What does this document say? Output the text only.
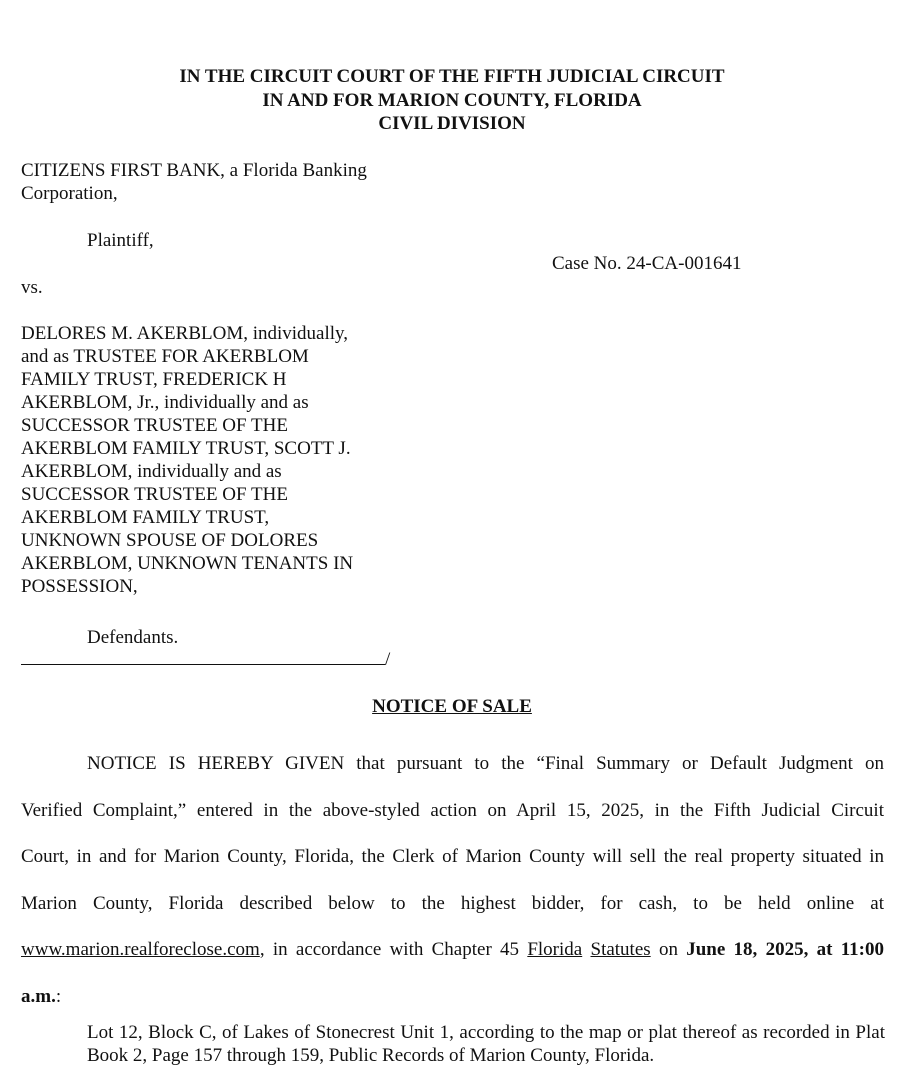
IN THE CIRCUIT COURT OF THE FIFTH JUDICIAL CIRCUIT
IN AND FOR MARION COUNTY, FLORIDA
CIVIL DIVISION
CITIZENS FIRST BANK, a Florida Banking
Corporation,
Plaintiff,
Case No. 24-CA-001641
vs.
DELORES M. AKERBLOM, individually,
and as TRUSTEE FOR AKERBLOM
FAMILY TRUST, FREDERICK H
AKERBLOM, Jr., individually and as
SUCCESSOR TRUSTEE OF THE
AKERBLOM FAMILY TRUST, SCOTT J.
AKERBLOM, individually and as
SUCCESSOR TRUSTEE OF THE
AKERBLOM FAMILY TRUST,
UNKNOWN SPOUSE OF DOLORES
AKERBLOM, UNKNOWN TENANTS IN
POSSESSION,
Defendants.
/
NOTICE OF SALE
NOTICE IS HEREBY GIVEN that pursuant to the “Final Summary or Default Judgment on
Verified Complaint,” entered in the above-styled action on April 15, 2025, in the Fifth Judicial Circuit
Court, in and for Marion County, Florida, the Clerk of Marion County will sell the real property situated in
Marion County, Florida described below to the highest bidder, for cash, to be held online at
www.marion.realforeclose.com, in accordance with Chapter 45 Florida Statutes on June 18, 2025, at 11:00
a.m.:
Lot 12, Block C, of Lakes of Stonecrest Unit 1, according to the map or plat thereof as recorded in Plat Book 2, Page 157 through 159, Public Records of Marion County, Florida.
